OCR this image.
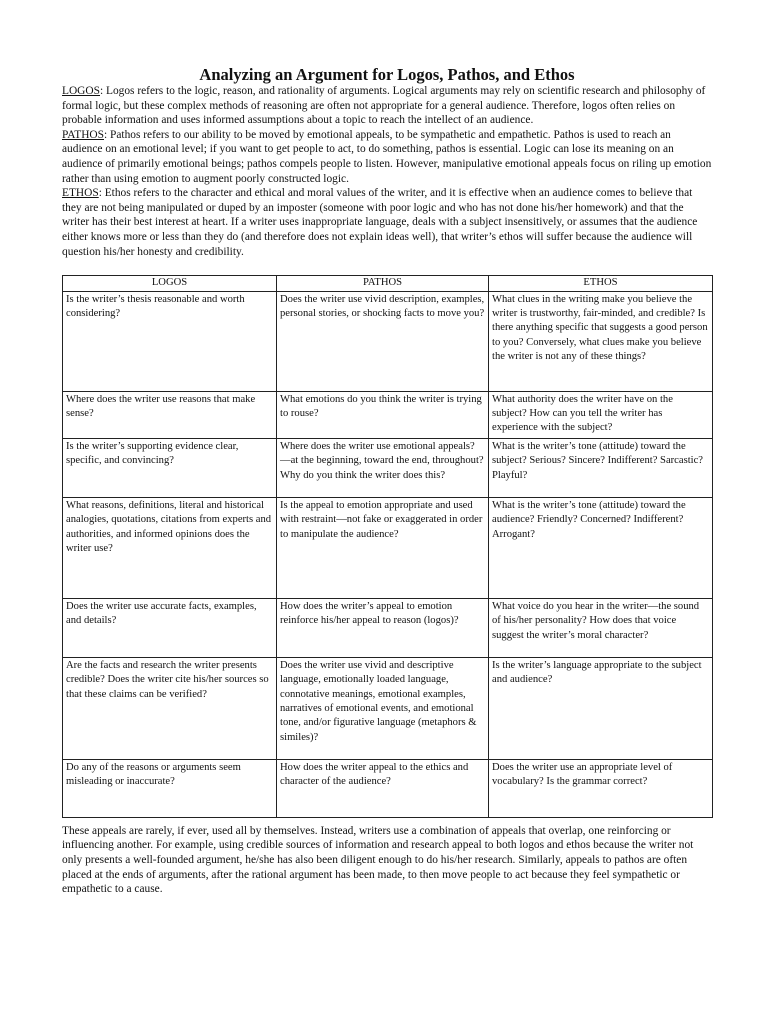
Analyzing an Argument for Logos, Pathos, and Ethos

LOGOS: Logos refers to the logic, reason, and rationality of arguments. Logical arguments may rely on scientific research and philosophy of formal logic, but these complex methods of reasoning are often not appropriate for a general audience. Therefore, logos often relies on probable information and uses informed assumptions about a topic to reach the intellect of an audience.

PATHOS: Pathos refers to our ability to be moved by emotional appeals, to be sympathetic and empathetic. Pathos is used to reach an audience on an emotional level; if you want to get people to act, to do something, pathos is essential. Logic can lose its meaning on an audience of primarily emotional beings; pathos compels people to listen. However, manipulative emotional appeals focus on riling up emotion rather than using emotion to augment poorly constructed logic.

ETHOS: Ethos refers to the character and ethical and moral values of the writer, and it is effective when an audience comes to believe that they are not being manipulated or duped by an imposter (someone with poor logic and who has not done his/her homework) and that the writer has their best interest at heart. If a writer uses inappropriate language, deals with a subject insensitively, or assumes that the audience either knows more or less than they do (and therefore does not explain ideas well), that writer’s ethos will suffer because the audience will question his/her honesty and credibility.

LOGOS	PATHOS	ETHOS
Is the writer’s thesis reasonable and worth considering?	Does the writer use vivid description, examples, personal stories, or shocking facts to move you?	What clues in the writing make you believe the writer is trustworthy, fair-minded, and credible? Is there anything specific that suggests a good person to you? Conversely, what clues make you believe the writer is not any of these things?
Where does the writer use reasons that make sense?	What emotions do you think the writer is trying to rouse?	What authority does the writer have on the subject? How can you tell the writer has experience with the subject?
Is the writer’s supporting evidence clear, specific, and convincing?	Where does the writer use emotional appeals?—at the beginning, toward the end, throughout? Why do you think the writer does this?	What is the writer’s tone (attitude) toward the subject? Serious? Sincere? Indifferent? Sarcastic? Playful?
What reasons, definitions, literal and historical analogies, quotations, citations from experts and authorities, and informed opinions does the writer use?	Is the appeal to emotion appropriate and used with restraint—not fake or exaggerated in order to manipulate the audience?	What is the writer’s tone (attitude) toward the audience? Friendly? Concerned? Indifferent? Arrogant?
Does the writer use accurate facts, examples, and details?	How does the writer’s appeal to emotion reinforce his/her appeal to reason (logos)?	What voice do you hear in the writer—the sound of his/her personality? How does that voice suggest the writer’s moral character?
Are the facts and research the writer presents credible? Does the writer cite his/her sources so that these claims can be verified?	Does the writer use vivid and descriptive language, emotionally loaded language, connotative meanings, emotional examples, narratives of emotional events, and emotional tone, and/or figurative language (metaphors & similes)?	Is the writer’s language appropriate to the subject and audience?
Do any of the reasons or arguments seem misleading or inaccurate?	How does the writer appeal to the ethics and character of the audience?	Does the writer use an appropriate level of vocabulary? Is the grammar correct?

These appeals are rarely, if ever, used all by themselves. Instead, writers use a combination of appeals that overlap, one reinforcing or influencing another. For example, using credible sources of information and research appeal to both logos and ethos because the writer not only presents a well-founded argument, he/she has also been diligent enough to do his/her research. Similarly, appeals to pathos are often placed at the ends of arguments, after the rational argument has been made, to then move people to act because they feel sympathetic or empathetic to a cause.
